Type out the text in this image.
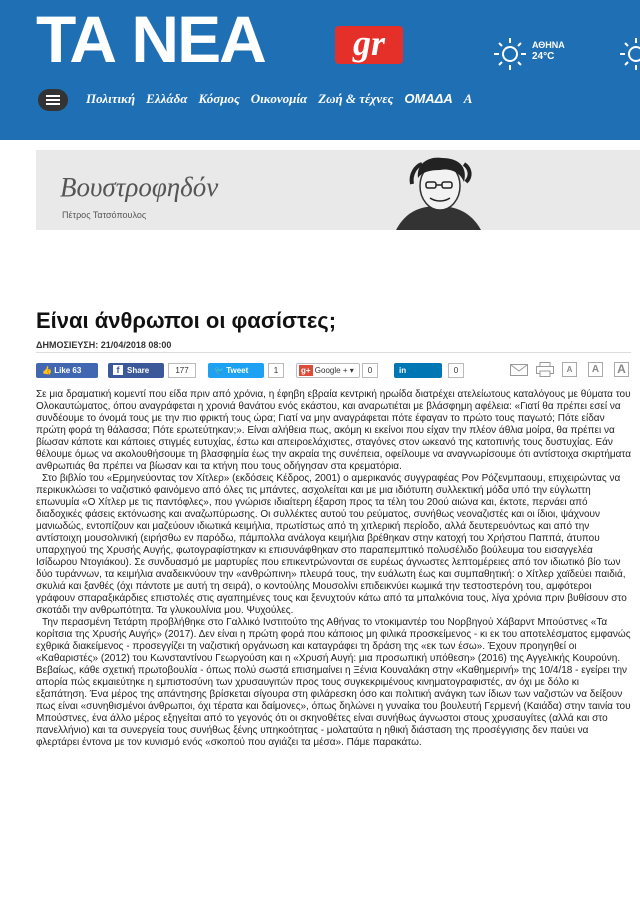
ΤΑ ΝΕΑ	gr	ΑΘΗΝΑ
24°C
Πολιτική Ελλάδα Κόσμος Οικονομία Ζωή & τέχνες ΟΜΑΔΑ Α
Βουστροφηδόν
Πέτρος Τατσόπουλος
Είναι άνθρωποι οι φασίστες;
ΔΗΜΟΣΙΕΥΣΗ: 21/04/2018 08:00
👍 Like 63	f Share	177	🐦 Tweet	1	g+ Google + ▾	0	in	0	A	A	A

Σε μια δραματική κομεντί που είδα πριν από χρόνια, η έφηβη εβραία κεντρική ηρωίδα διατρέχει ατελείωτους καταλόγους με θύματα του Ολοκαυτώματος, όπου αναγράφεται η χρονιά θανάτου ενός εκάστου, και αναρωτιέται με βλάσφημη αφέλεια: «Γιατί θα πρέπει εσεί να συνδέουμε το όνομά τους με την πιο φρικτή τους ώρα; Γιατί να μην αναγράφεται πότε έφαγαν το πρώτο τους παγωτό; Πότε είδαν πρώτη φορά τη θάλασσα; Πότε ερωτεύτηκαν;». Είναι αλήθεια πως, ακόμη κι εκείνοι που είχαν την πλέον άθλια μοίρα, θα πρέπει να βίωσαν κάποτε και κάποιες στιγμές ευτυχίας, έστω και απειροελάχιστες, σταγόνες στον ωκεανό της κατοπινής τους δυστυχίας. Εάν θέλουμε όμως να ακολουθήσουμε τη βλασφημία έως την ακραία της συνέπεια, οφείλουμε να αναγνωρίσουμε ότι αντίστοιχα σκιρτήματα ανθρωπιάς θα πρέπει να βίωσαν και τα κτήνη που τους οδήγησαν στα κρεματόρια.

Στο βιβλίο του «Ερμηνεύοντας τον Χίτλερ» (εκδόσεις Κέδρος, 2001) ο αμερικανός συγγραφέας Ρον Ρόζενμπαουμ, επιχειρώντας να περικυκλώσει το ναζιστικό φαινόμενο από όλες τις μπάντες, ασχολείται και με μια ιδιότυπη συλλεκτική μόδα υπό την εύγλωττη επωνυμία «Ο Χίτλερ με τις παντόφλες», που γνώρισε ιδιαίτερη έξαρση προς τα τέλη του 20ού αιώνα και, έκτοτε, περνάει από διαδοχικές φάσεις εκτόνωσης και αναζωπύρωσης. Οι συλλέκτες αυτού του ρεύματος, συνήθως νεοναζιστές και οι ίδιοι, ψάχνουν μανιωδώς, εντοπίζουν και μαζεύουν ιδιωτικά κειμήλια, πρωτίστως από τη χιτλερική περίοδο, αλλά δευτερευόντως και από την αντίστοιχη μουσολινική (ειρήσθω εν παρόδω, πάμπολλα ανάλογα κειμήλια βρέθηκαν στην κατοχή του Χρήστου Παππά, άτυπου υπαρχηγού της Χρυσής Αυγής, φωτογραφίστηκαν κι επισυνάφθηκαν στο παραπεμπτικό πολυσέλιδο βούλευμα του εισαγγελέα Ισίδωρου Ντογιάκου). Σε συνδυασμό με μαρτυρίες που επικεντρώνονται σε ευρέως άγνωστες λεπτομέρειες από τον ιδιωτικό βίο των δύο τυράννων, τα κειμήλια αναδεικνύουν την «ανθρώπινη» πλευρά τους, την ευάλωτη έως και συμπαθητική: ο Χίτλερ χαϊδεύει παιδιά, σκυλιά και ξανθές (όχι πάντοτε με αυτή τη σειρά), ο κοντούλης Μουσολίνι επιδεικνύει κωμικά την τεστοστερόνη του, αμφότεροι γράφουν σπαραξικάρδιες επιστολές στις αγαπημένες τους και ξενυχτούν κάτω από τα μπαλκόνια τους, λίγα χρόνια πριν βυθίσουν στο σκοτάδι την ανθρωπότητα. Τα γλυκουλίνια μου. Ψυχούλες.

Την περασμένη Τετάρτη προβλήθηκε στο Γαλλικό Ινστιτούτο της Αθήνας το ντοκιμαντέρ του Νορβηγού Χάβαρντ Μπούστνες «Τα κορίτσια της Χρυσής Αυγής» (2017). Δεν είναι η πρώτη φορά που κάποιος μη φιλικά προσκείμενος - κι εκ του αποτελέσματος εμφανώς εχθρικά διακείμενος - προσεγγίζει τη ναζιστική οργάνωση και καταγράφει τη δράση της «εκ των έσω». Έχουν προηγηθεί οι «Καθαριστές» (2012) του Κωνσταντίνου Γεωργούση και η «Χρυσή Αυγή: μια προσωπική υπόθεση» (2016) της Αγγελικής Κουρούνη. Βεβαίως, κάθε σχετική πρωτοβουλία - όπως πολύ σωστά επισημαίνει η Ξένια Κουναλάκη στην «Καθημερινή» της 10/4/18 - εγείρει την απορία πώς εκμαιεύτηκε η εμπιστοσύνη των χρυσαυγιτών προς τους συγκεκριμένους κινηματογραφιστές, αν όχι με δόλο κι εξαπάτηση. Ένα μέρος της απάντησης βρίσκεται σίγουρα στη φιλάρεσκη όσο και πολιτική ανάγκη των ίδιων των ναζιστών να δείξουν πως είναι «συνηθισμένοι άνθρωποι, όχι τέρατα και δαίμονες», όπως δηλώνει η γυναίκα του βουλευτή Γερμενή (Καιάδα) στην ταινία του Μπούστνες, ένα άλλο μέρος εξηγείται από το γεγονός ότι οι σκηνοθέτες είναι συνήθως άγνωστοι στους χρυσαυγίτες (αλλά και στο πανελλήνιο) και τα συνεργεία τους συνήθως ξένης υπηκοότητας - μολαταύτα η ηθική διάσταση της προσέγγισης δεν παύει να φλερτάρει έντονα με τον κυνισμό ενός «σκοπού που αγιάζει τα μέσα». Πάμε παρακάτω.
